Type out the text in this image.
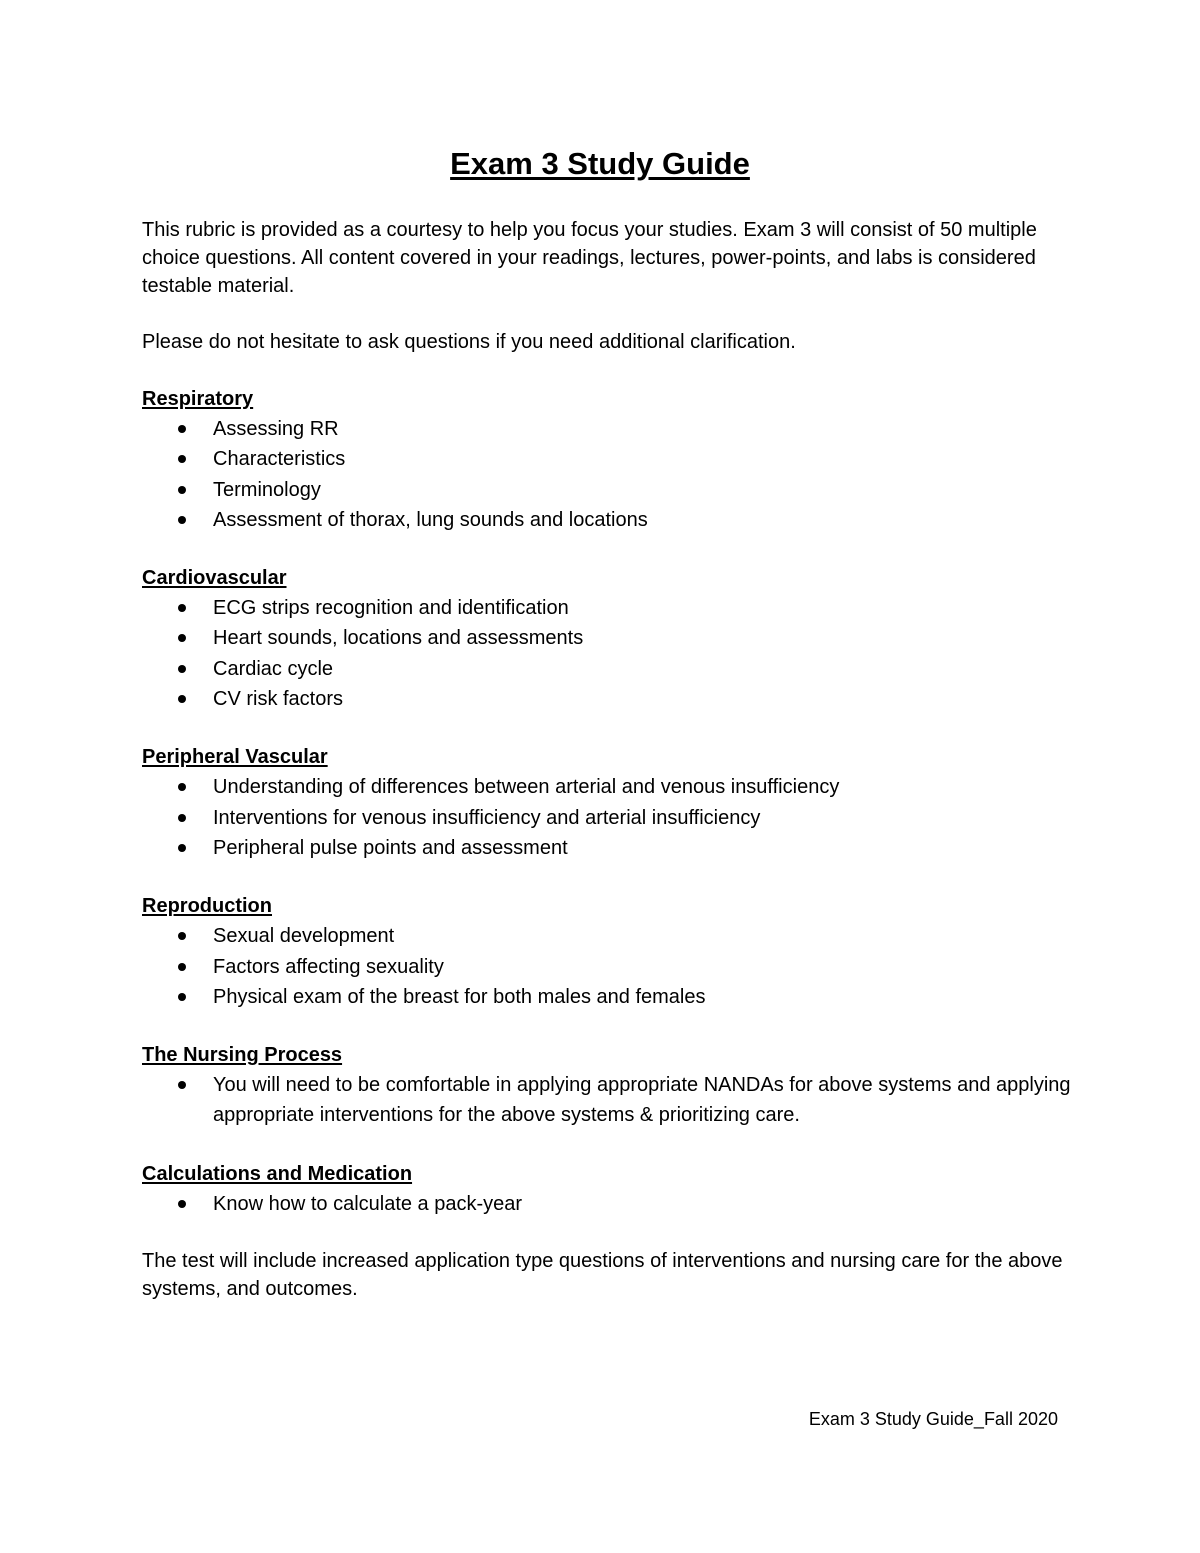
Exam 3 Study Guide

This rubric is provided as a courtesy to help you focus your studies. Exam 3 will consist of 50 multiple choice questions. All content covered in your readings, lectures, power-points, and labs is considered testable material.

Please do not hesitate to ask questions if you need additional clarification.

Respiratory
Assessing RR
Characteristics
Terminology
Assessment of thorax, lung sounds and locations
Cardiovascular
ECG strips recognition and identification
Heart sounds, locations and assessments
Cardiac cycle
CV risk factors
Peripheral Vascular
Understanding of differences between arterial and venous insufficiency
Interventions for venous insufficiency and arterial insufficiency
Peripheral pulse points and assessment
Reproduction
Sexual development
Factors affecting sexuality
Physical exam of the breast for both males and females
The Nursing Process
You will need to be comfortable in applying appropriate NANDAs for above systems and applying appropriate interventions for the above systems & prioritizing care.
Calculations and Medication
Know how to calculate a pack-year

The test will include increased application type questions of interventions and nursing care for the above systems, and outcomes.

Exam 3 Study Guide_Fall 2020
